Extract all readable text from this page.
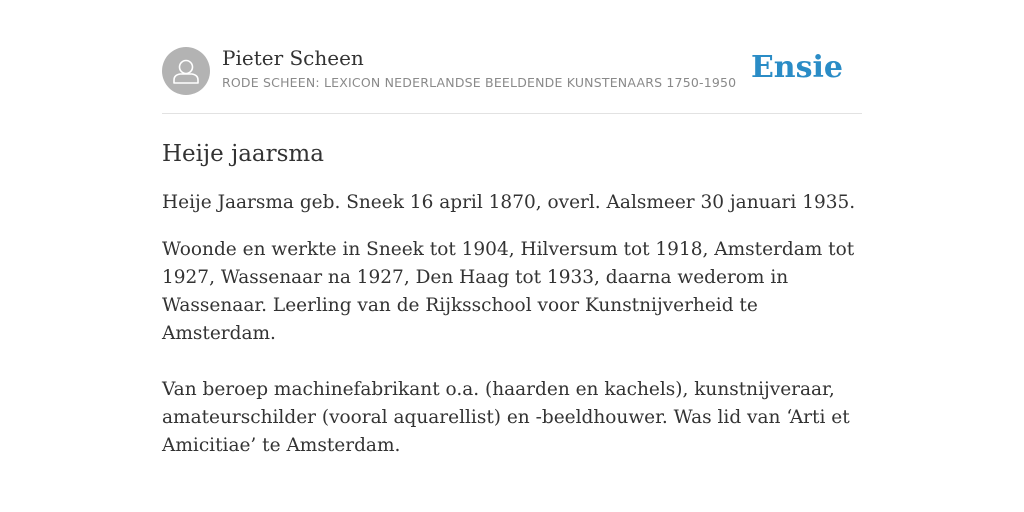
Pieter Scheen
RODE SCHEEN: LEXICON NEDERLANDSE BEELDENDE KUNSTENAARS 1750-1950 Ensie
Heije jaarsma

Heije Jaarsma geb. Sneek 16 april 1870, overl. Aalsmeer 30 januari 1935.

Woonde en werkte in Sneek tot 1904, Hilversum tot 1918, Amsterdam tot 1927, Wassenaar na 1927, Den Haag tot 1933, daarna wederom in Wassenaar. Leerling van de Rijksschool voor Kunstnijverheid te Amsterdam.

Van beroep machinefabrikant o.a. (haarden en kachels), kunstnijveraar, amateurschilder (vooral aquarellist) en -beeldhouwer. Was lid van ‘Arti et Amicitiae’ te Amsterdam.
